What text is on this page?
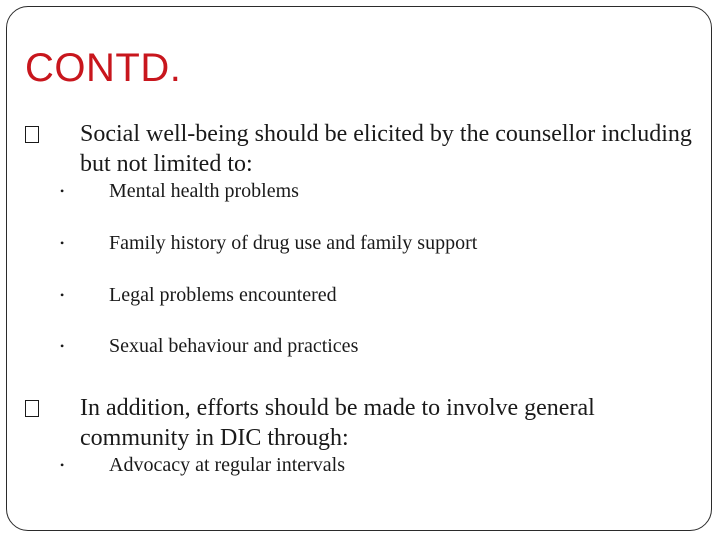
CONTD.
Social well-being should be elicited by the counsellor including but not limited to:
• Mental health problems
• Family history of drug use and family support
• Legal problems encountered
• Sexual behaviour and practices
In addition, efforts should be made to involve general community in DIC through:
• Advocacy at regular intervals
